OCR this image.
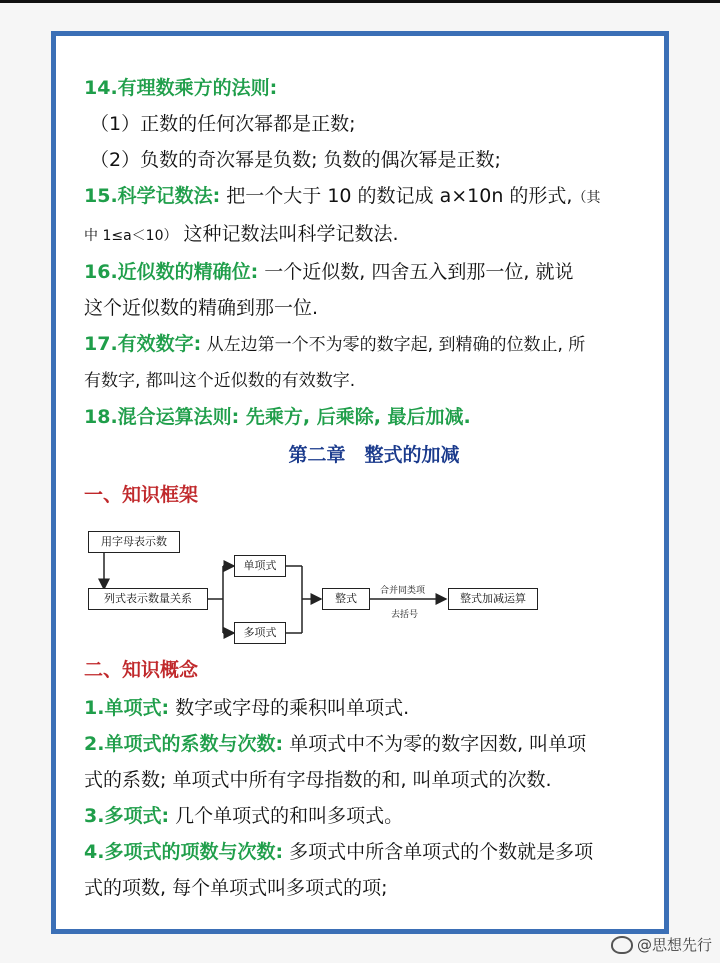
14.有理数乘方的法则:
（1）正数的任何次幂都是正数;
（2）负数的奇次幂是负数; 负数的偶次幂是正数;
15.科学记数法: 把一个大于 10 的数记成 a×10n 的形式,（其
中 1≤a＜10） 这种记数法叫科学记数法.
16.近似数的精确位: 一个近似数, 四舍五入到那一位, 就说
这个近似数的精确到那一位.
17.有效数字: 从左边第一个不为零的数字起, 到精确的位数止, 所
有数字, 都叫这个近似数的有效数字.
18.混合运算法则: 先乘方, 后乘除, 最后加减.
第二章　整式的加减
一、知识框架
用字母表示数
列式表示数量关系
单项式
多项式
整式	整式加减运算
合并同类项
去括号
二、知识概念
1.单项式: 数字或字母的乘积叫单项式.
2.单项式的系数与次数: 单项式中不为零的数字因数, 叫单项
式的系数; 单项式中所有字母指数的和, 叫单项式的次数.
3.多项式: 几个单项式的和叫多项式。
4.多项式的项数与次数: 多项式中所含单项式的个数就是多项
式的项数, 每个单项式叫多项式的项;
@思想先行
